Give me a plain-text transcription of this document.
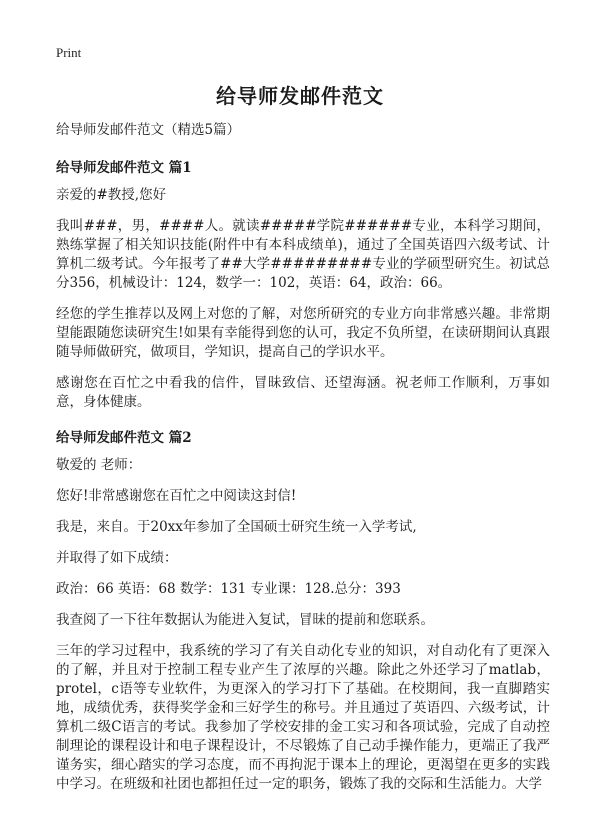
Print
给导师发邮件范文

给导师发邮件范文（精选5篇）

给导师发邮件范文 篇1

亲爱的#教授,您好

我叫###，男，####人。就读#####学院######专业，本科学习期间，熟练掌握了相关知识技能(附件中有本科成绩单)，通过了全国英语四六级考试、计算机二级考试。今年报考了##大学#########专业的学硕型研究生。初试总分356，机械设计：124，数学一：102，英语：64，政治：66。

经您的学生推荐以及网上对您的了解，对您所研究的专业方向非常感兴趣。非常期望能跟随您读研究生!如果有幸能得到您的认可，我定不负所望，在读研期间认真跟随导师做研究，做项目，学知识，提高自己的学识水平。

感谢您在百忙之中看我的信件，冒昧致信、还望海涵。祝老师工作顺利，万事如意，身体健康。

给导师发邮件范文 篇2

敬爱的 老师：

您好!非常感谢您在百忙之中阅读这封信!

我是，来自。于20xx年参加了全国硕士研究生统一入学考试,

并取得了如下成绩：

政治：66 英语：68 数学：131 专业课：128.总分：393

我查阅了一下往年数据认为能进入复试，冒昧的提前和您联系。

三年的学习过程中，我系统的学习了有关自动化专业的知识，对自动化有了更深入的了解，并且对于控制工程专业产生了浓厚的兴趣。除此之外还学习了matlab，protel，c语等专业软件，为更深入的学习打下了基础。在校期间，我一直脚踏实地，成绩优秀，获得奖学金和三好学生的称号。并且通过了英语四、六级考试，计算机二级C语言的考试。我参加了学校安排的金工实习和各项试验，完成了自动控制理论的课程设计和电子课程设计，不尽锻炼了自己动手操作能力，更端正了我严谨务实，细心踏实的学习态度，而不再拘泥于课本上的理论，更渴望在更多的实践中学习。在班级和社团也都担任过一定的职务，锻炼了我的交际和生活能力。大学
